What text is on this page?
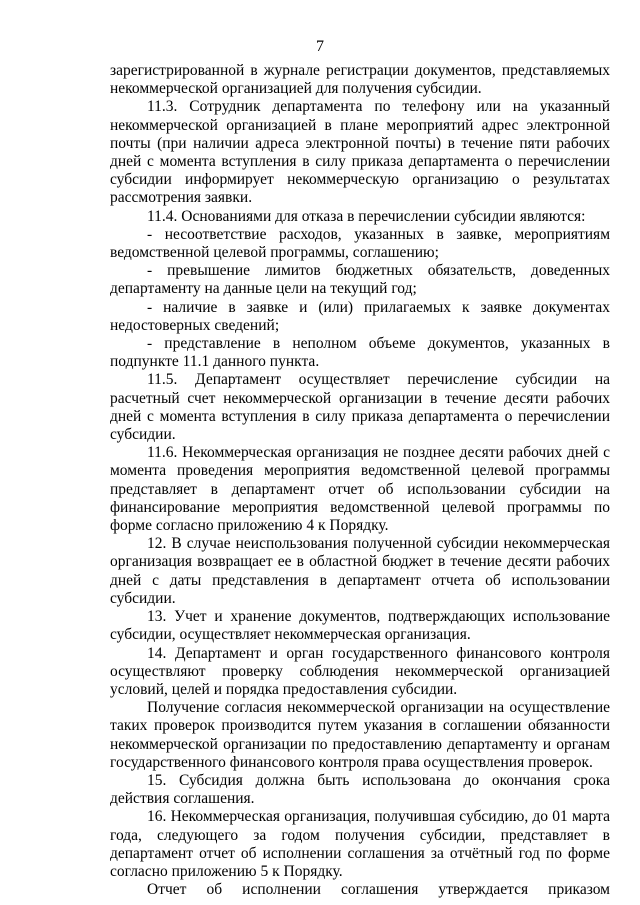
7

зарегистрированной в журнале регистрации документов, представляемых некоммерческой организацией для получения субсидии.

11.3. Сотрудник департамента по телефону или на указанный некоммерческой организацией в плане мероприятий адрес электронной почты (при наличии адреса электронной почты) в течение пяти рабочих дней с момента вступления в силу приказа департамента о перечислении субсидии информирует некоммерческую организацию о результатах рассмотрения заявки.

11.4. Основаниями для отказа в перечислении субсидии являются:

- несоответствие расходов, указанных в заявке, мероприятиям ведомственной целевой программы, соглашению;

- превышение лимитов бюджетных обязательств, доведенных департаменту на данные цели на текущий год;

- наличие в заявке и (или) прилагаемых к заявке документах недостоверных сведений;

- представление в неполном объеме документов, указанных в подпункте 11.1 данного пункта.

11.5. Департамент осуществляет перечисление субсидии на расчетный счет некоммерческой организации в течение десяти рабочих дней с момента вступления в силу приказа департамента о перечислении субсидии.

11.6. Некоммерческая организация не позднее десяти рабочих дней с момента проведения мероприятия ведомственной целевой программы представляет в департамент отчет об использовании субсидии на финансирование мероприятия ведомственной целевой программы по форме согласно приложению 4 к Порядку.

12. В случае неиспользования полученной субсидии некоммерческая организация возвращает ее в областной бюджет в течение десяти рабочих дней с даты представления в департамент отчета об использовании субсидии.

13. Учет и хранение документов, подтверждающих использование субсидии, осуществляет некоммерческая организация.

14. Департамент и орган государственного финансового контроля осуществляют проверку соблюдения некоммерческой организацией условий, целей и порядка предоставления субсидии.

Получение согласия некоммерческой организации на осуществление таких проверок производится путем указания в соглашении обязанности некоммерческой организации по предоставлению департаменту и органам государственного финансового контроля права осуществления проверок.

15. Субсидия должна быть использована до окончания срока действия соглашения.

16. Некоммерческая организация, получившая субсидию, до 01 марта года, следующего за годом получения субсидии, представляет в департамент отчет об исполнении соглашения за отчётный год по форме согласно приложению 5 к Порядку.

Отчет об исполнении соглашения утверждается приказом
